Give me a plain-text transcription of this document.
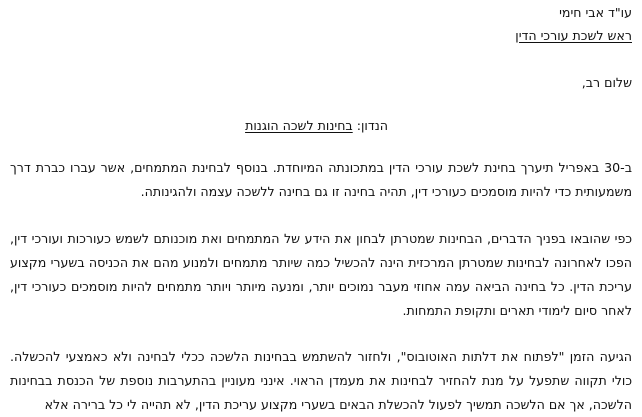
עו"ד אבי חימי
ראש לשכת עורכי הדין
שלום רב,
הנדון: בחינות לשכה הוגנות
ב-30 באפריל תיערך בחינת לשכת עורכי הדין במתכונתה המיוחדת. בנוסף לבחינת המתמחים, אשר עברו כברת דרך משמעותית כדי להיות מוסמכים כעורכי דין, תהיה בחינה זו גם בחינה ללשכה עצמה ולהגינותה.
כפי שהובאו בפניך הדברים, הבחינות שמטרתן לבחון את הידע של המתמחים ואת מוכנותם לשמש כעורכות ועורכי דין, הפכו לאחרונה לבחינות שמטרתן המרכזית הינה להכשיל כמה שיותר מתמחים ולמנוע מהם את הכניסה בשערי מקצוע עריכת הדין. כל בחינה הביאה עמה אחוזי מעבר נמוכים יותר, ומנעה מיותר ויותר מתמחים להיות מוסמכים כעורכי דין, לאחר סיום לימודי תארים ותקופת התמחות.
הגיעה הזמן "לפתוח את דלתות האוטובוס", ולחזור להשתמש בבחינות הלשכה ככלי לבחינה ולא כאמצעי להכשלה. כולי תקווה שתפעל על מנת להחזיר לבחינות את מעמדן הראוי. אינני מעוניין בהתערבות נוספת של הכנסת בבחינות הלשכה, אך אם הלשכה תמשיך לפעול להכשלת הבאים בשערי מקצוע עריכת הדין, לא תהייה לי כל ברירה אלא
